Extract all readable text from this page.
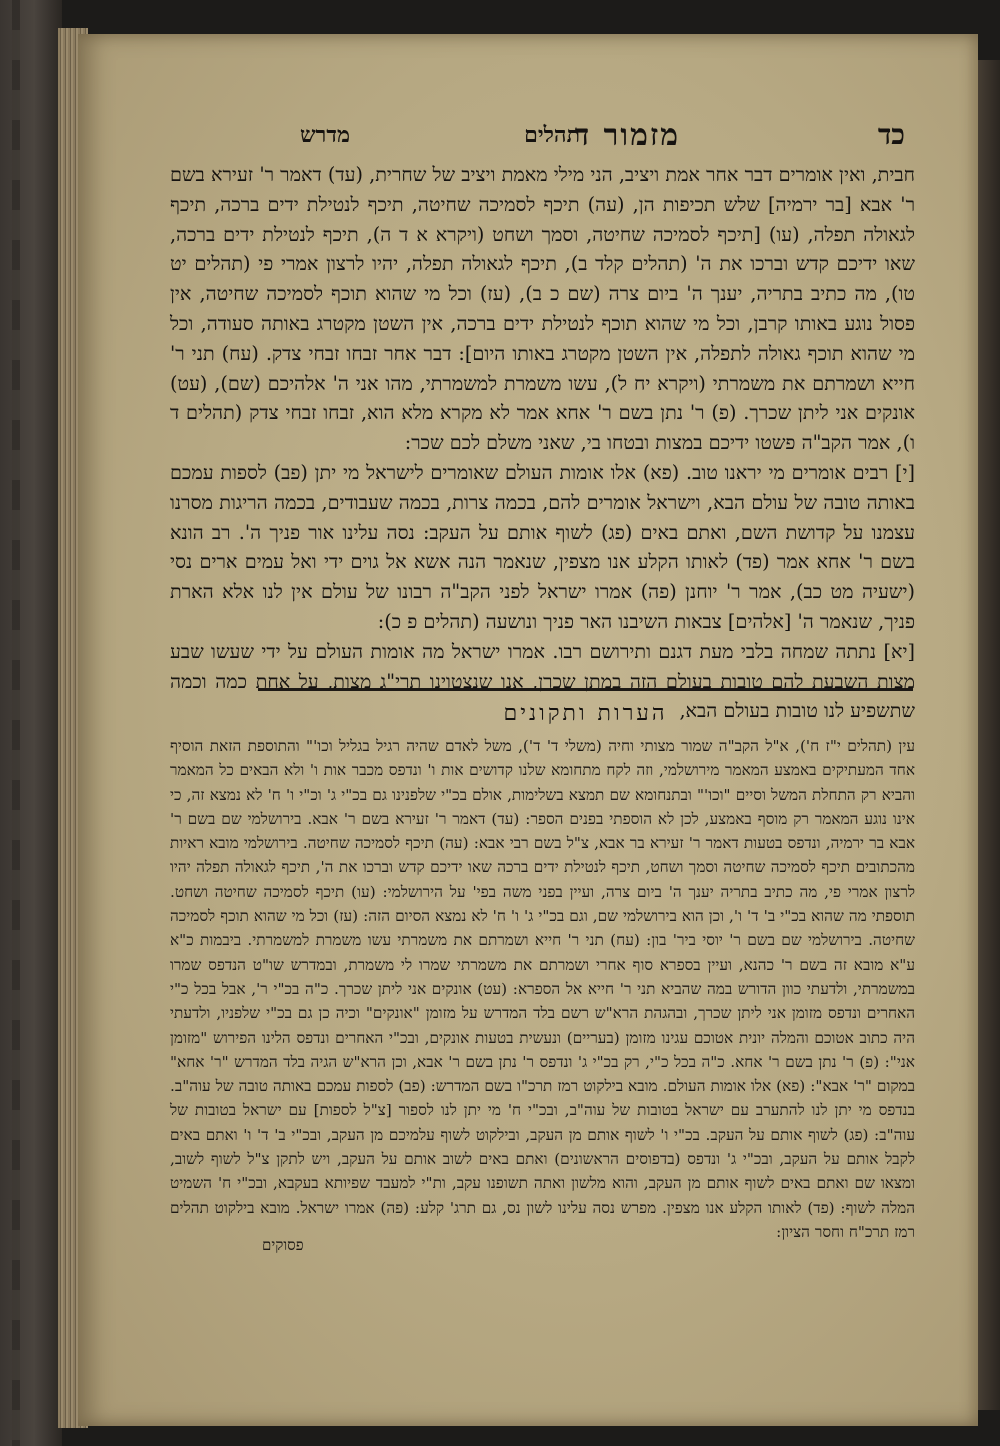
כד
מזמור ד
תהלים
מדרש

חבית, ואין אומרים דבר אחר אמת ויציב, הני מילי מאמת ויציב של שחרית, (עד) דאמר ר' זעירא בשם ר' אבא [בר ירמיה] שלש תכיפות הן, (עה) תיכף לסמיכה שחיטה, תיכף לנטילת ידים ברכה, תיכף לגאולה תפלה, (עו) [תיכף לסמיכה שחיטה, וסמך ושחט (ויקרא א ד ה), תיכף לנטילת ידים ברכה, שאו ידיכם קדש וברכו את ה' (תהלים קלד ב), תיכף לגאולה תפלה, יהיו לרצון אמרי פי (תהלים יט טו), מה כתיב בתריה, יענך ה' ביום צרה (שם כ ב), (עז) וכל מי שהוא תוכף לסמיכה שחיטה, אין פסול נוגע באותו קרבן, וכל מי שהוא תוכף לנטילת ידים ברכה, אין השטן מקטרג באותה סעודה, וכל מי שהוא תוכף גאולה לתפלה, אין השטן מקטרג באותו היום]: דבר אחר זבחו זבחי צדק. (עח) תני ר' חייא ושמרתם את משמרתי (ויקרא יח ל), עשו משמרת למשמרתי, מהו אני ה' אלהיכם (שם), (עט) אונקים אני ליתן שכרך. (פ) ר' נתן בשם ר' אחא אמר לא מקרא מלא הוא, זבחו זבחי צדק (תהלים ד ו), אמר הקב"ה פשטו ידיכם במצות ובטחו בי, שאני משלם לכם שכר:

[י] רבים אומרים מי יראנו טוב. (פא) אלו אומות העולם שאומרים לישראל מי יתן (פב) לספות עמכם באותה טובה של עולם הבא, וישראל אומרים להם, בכמה צרות, בכמה שעבודים, בכמה הריגות מסרנו עצמנו על קדושת השם, ואתם באים (פג) לשוף אותם על העקב: נסה עלינו אור פניך ה'. רב הונא בשם ר' אחא אמר (פד) לאותו הקלע אנו מצפין, שנאמר הנה אשא אל גוים ידי ואל עמים ארים נסי (ישעיה מט כב), אמר ר' יוחנן (פה) אמרו ישראל לפני הקב"ה רבונו של עולם אין לנו אלא הארת פניך, שנאמר ה' [אלהים] צבאות השיבנו האר פניך ונושעה (תהלים פ כ):

[יא] נתתה שמחה בלבי מעת דגנם ותירושם רבו. אמרו ישראל מה אומות העולם על ידי שעשו שבע מצות השבעת להם טובות בעולם הזה במתן שכרן, אנו שנצטוינו תרי"ג מצות, על אחת כמה וכמה שתשפיע לנו טובות בעולם הבא,

הערות ותקונים

עין (תהלים י"ז ח'), א"ל הקב"ה שמור מצותי וחיה (משלי ד' ד'), משל לאדם שהיה רגיל בגליל וכו'" והתוספת הזאת הוסיף אחד המעתיקים באמצע המאמר מירושלמי, וזה לקח מתחומא שלנו קדושים אות ו' ונדפס מכבר אות ו' ולא הבאים כל המאמר והביא רק התחלת המשל וסיים "וכו'" ובתנחומא שם תמצא בשלימות, אולם בכ"י שלפנינו גם בכ"י ג' וכ"י ו' ח' לא נמצא זה, כי אינו נוגע המאמר רק מוסף באמצע, לכן לא הוספתי בפנים הספר: (עד) דאמר ר' זעירא בשם ר' אבא. בירושלמי שם בשם ר' אבא בר ירמיה, ונדפס בטעות דאמר ר' זעירא בר אבא, צ"ל בשם רבי אבא: (עה) תיכף לסמיכה שחיטה. בירושלמי מובא ראיות מהכתובים תיכף לסמיכה שחיטה וסמך ושחט, תיכף לנטילת ידים ברכה שאו ידיכם קדש וברכו את ה', תיכף לגאולה תפלה יהיו לרצון אמרי פי, מה כתיב בתריה יענך ה' ביום צרה, ועיין בפני משה בפי' על הירושלמי: (עו) תיכף לסמיכה שחיטה ושחט. תוספתי מה שהוא בכ"י ב' ד' ו', וכן הוא בירושלמי שם, וגם בכ"י ג' ו' ח' לא נמצא הסיום הזה: (עז) וכל מי שהוא תוכף לסמיכה שחיטה. בירושלמי שם בשם ר' יוסי ביר' בון: (עח) תני ר' חייא ושמרתם את משמרתי עשו משמרת למשמרתי. ביבמות כ"א ע"א מובא זה בשם ר' כהנא, ועיין בספרא סוף אחרי ושמרתם את משמרתי שמרו לי משמרת, ובמדרש שו"ט הנדפס שמרו במשמרתי, ולדעתי כוון הדורש במה שהביא תני ר' חייא אל הספרא: (עט) אונקים אני ליתן שכרך. כ"ה בכ"י ר', אבל בכל כ"י האחרים ונדפס מזומן אני ליתן שכרך, ובהגהת הרא"ש רשם בלד המדרש על מזומן "אונקים" וכיה כן גם בכ"י שלפניו, ולדעתי היה כתוב אטוכם והמלה יונית אטוכם עגינו מזומן (בעריים) ונעשית בטעות אונקים, ובכ"י האחרים ונדפס הלינו הפירוש "מזומן אני": (פ) ר' נתן בשם ר' אחא. כ"ה בכל כ"י, רק בכ"י ג' ונדפס ר' נתן בשם ר' אבא, וכן הרא"ש הגיה בלד המדרש "ר' אחא" במקום "ר' אבא": (פא) אלו אומות העולם. מובא בילקוט רמז תרכ"ו בשם המדרש: (פב) לספות עמכם באותה טובה של עוה"ב. בנדפס מי יתן לנו להתערב עם ישראל בטובות של עוה"ב, ובכ"י ח' מי יתן לנו לספור [צ"ל לספות] עם ישראל בטובות של עוה"ב: (פג) לשוף אותם על העקב. בכ"י ו' לשוף אותם מן העקב, ובילקוט לשוף עלמיכם מן העקב, ובכ"י ב' ד' ו' ואתם באים לקבל אותם על העקב, ובכ"י ג' ונדפס (בדפוסים הראשונים) ואתם באים לשוב אותם על העקב, ויש לתקן צ"ל לשוף לשוב, ומצאו שם ואתם באים לשוף אותם מן העקב, והוא מלשון ואתה תשופנו עקב, ות"י למעבד שפיותא בעקבא, ובכ"י ח' השמיט המלה לשוף: (פד) לאותו הקלע אנו מצפין. מפרש נסה עלינו לשון נס, גם תרג' קלע: (פה) אמרו ישראל. מובא בילקוט תהלים רמז תרכ"ח וחסר הציון:

פסוקים
